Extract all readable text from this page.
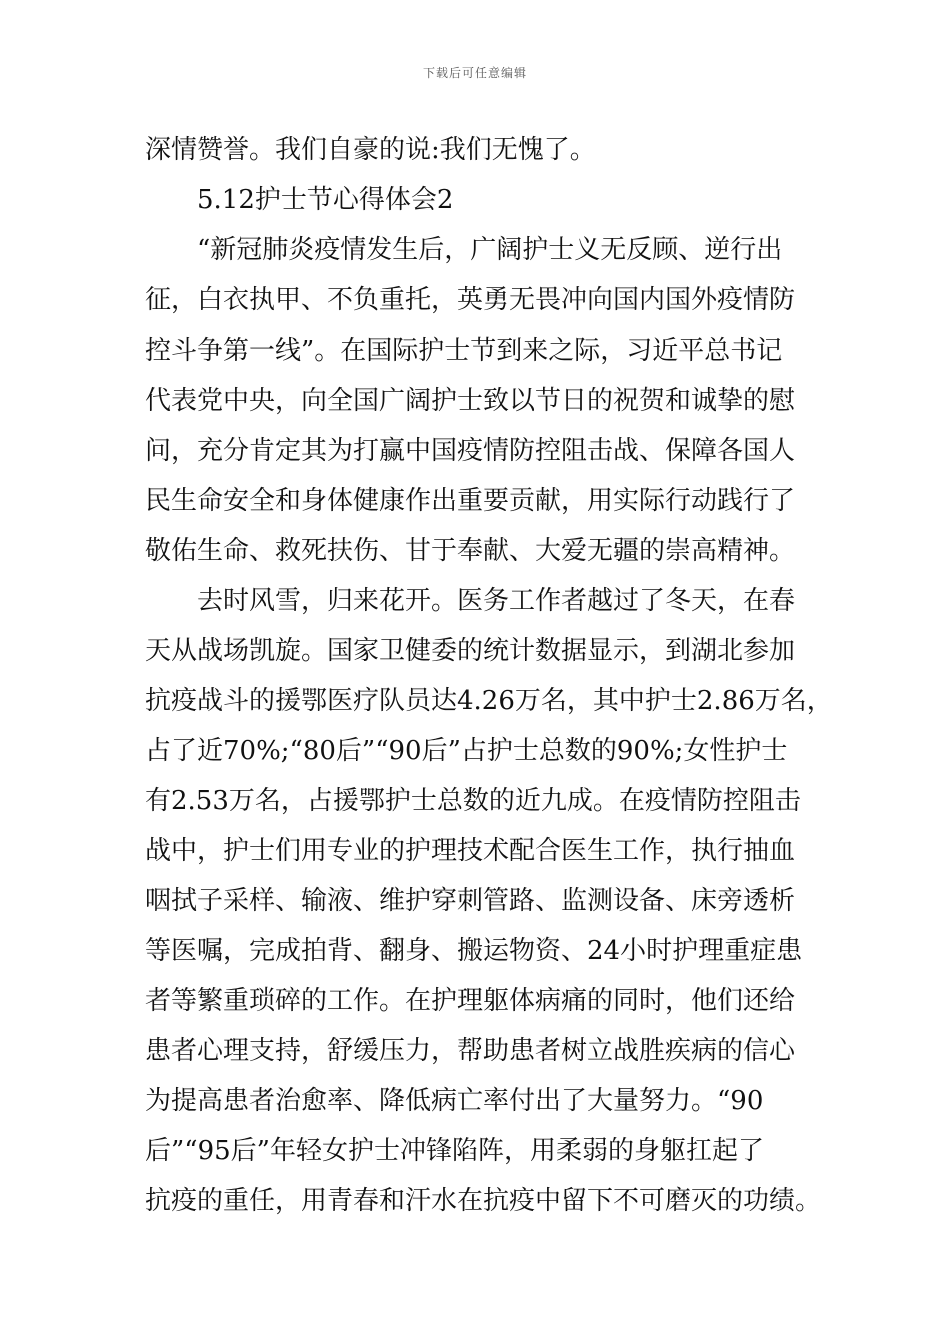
下载后可任意编辑
深情赞誉。我们自豪的说:我们无愧了。
5.12护士节心得体会2
“新冠肺炎疫情发生后，广阔护士义无反顾、逆行出
征，白衣执甲、不负重托，英勇无畏冲向国内国外疫情防
控斗争第一线”。在国际护士节到来之际，习近平总书记
代表党中央，向全国广阔护士致以节日的祝贺和诚挚的慰
问，充分肯定其为打赢中国疫情防控阻击战、保障各国人
民生命安全和身体健康作出重要贡献，用实际行动践行了
敬佑生命、救死扶伤、甘于奉献、大爱无疆的崇高精神。
去时风雪，归来花开。医务工作者越过了冬天，在春
天从战场凯旋。国家卫健委的统计数据显示，到湖北参加
抗疫战斗的援鄂医疗队员达4.26万名，其中护士2.86万名，
占了近70%;“80后”“90后”占护士总数的90%;女性护士
有2.53万名，占援鄂护士总数的近九成。在疫情防控阻击
战中，护士们用专业的护理技术配合医生工作，执行抽血
咽拭子采样、输液、维护穿刺管路、监测设备、床旁透析
等医嘱，完成拍背、翻身、搬运物资、24小时护理重症患
者等繁重琐碎的工作。在护理躯体病痛的同时，他们还给
患者心理支持，舒缓压力，帮助患者树立战胜疾病的信心
为提高患者治愈率、降低病亡率付出了大量努力。“90
后”“95后”年轻女护士冲锋陷阵，用柔弱的身躯扛起了
抗疫的重任，用青春和汗水在抗疫中留下不可磨灭的功绩。
